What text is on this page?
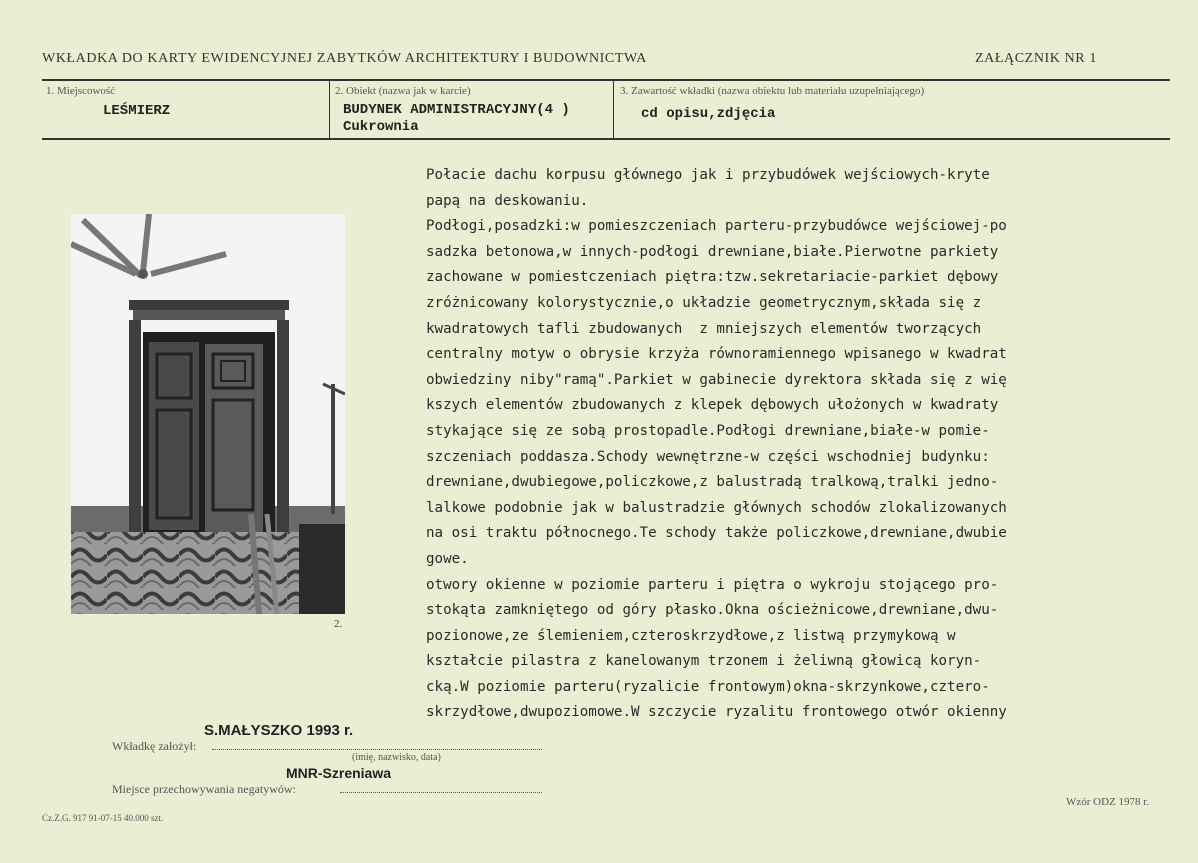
WKŁADKA DO KARTY EWIDENCYJNEJ ZABYTKÓW ARCHITEKTURY I BUDOWNICTWA	ZAŁĄCZNIK NR 1
1. Miejscowość
LEŚMIERZ
2. Obiekt (nazwa jak w karcie)
BUDYNEK ADMINISTRACYJNY(4 )
Cukrownia
3. Zawartość wkładki (nazwa obiektu lub materiału uzupełniającego)
cd opisu,zdjęcia
2.
Połacie dachu korpusu głównego jak i przybudówek wejściowych-kryte
papą na deskowaniu.
Podłogi,posadzki:w pomieszczeniach parteru-przybudówce wejściowej-po
sadzka betonowa,w innych-podłogi drewniane,białe.Pierwotne parkiety
zachowane w pomiestczeniach piętra:tzw.sekretariacie-parkiet dębowy
zróżnicowany kolorystycznie,o układzie geometrycznym,składa się z
kwadratowych tafli zbudowanych  z mniejszych elementów tworzących
centralny motyw o obrysie krzyża równoramiennego wpisanego w kwadrat
obwiedziny niby"ramą".Parkiet w gabinecie dyrektora składa się z wię
kszych elementów zbudowanych z klepek dębowych ułożonych w kwadraty
stykające się ze sobą prostopadle.Podłogi drewniane,białe-w pomie-
szczeniach poddasza.Schody wewnętrzne-w części wschodniej budynku:
drewniane,dwubiegowe,policzkowe,z balustradą tralkową,tralki jedno-
lalkowe podobnie jak w balustradzie głównych schodów zlokalizowanych
na osi traktu północnego.Te schody także policzkowe,drewniane,dwubie
gowe.
otwory okienne w poziomie parteru i piętra o wykroju stojącego pro-
stokąta zamkniętego od góry płasko.Okna ościeżnicowe,drewniane,dwu-
pozionowe,ze ślemieniem,czteroskrzydłowe,z listwą przymykową w
kształcie pilastra z kanelowanym trzonem i żeliwną głowicą koryn-
cką.W poziomie parteru(ryzalicie frontowym)okna-skrzynkowe,cztero-
skrzydłowe,dwupoziomowe.W szczycie ryzalitu frontowego otwór okienny
S.MAŁYSZKO 1993 r.
Wkładkę założył:
(imię, nazwisko, data)
MNR-Szreniawa
Miejsce przechowywania negatywów:
Cz.Z.G. 917 91-07-15 40.000 szt.
Wzór ODZ 1978 r.
